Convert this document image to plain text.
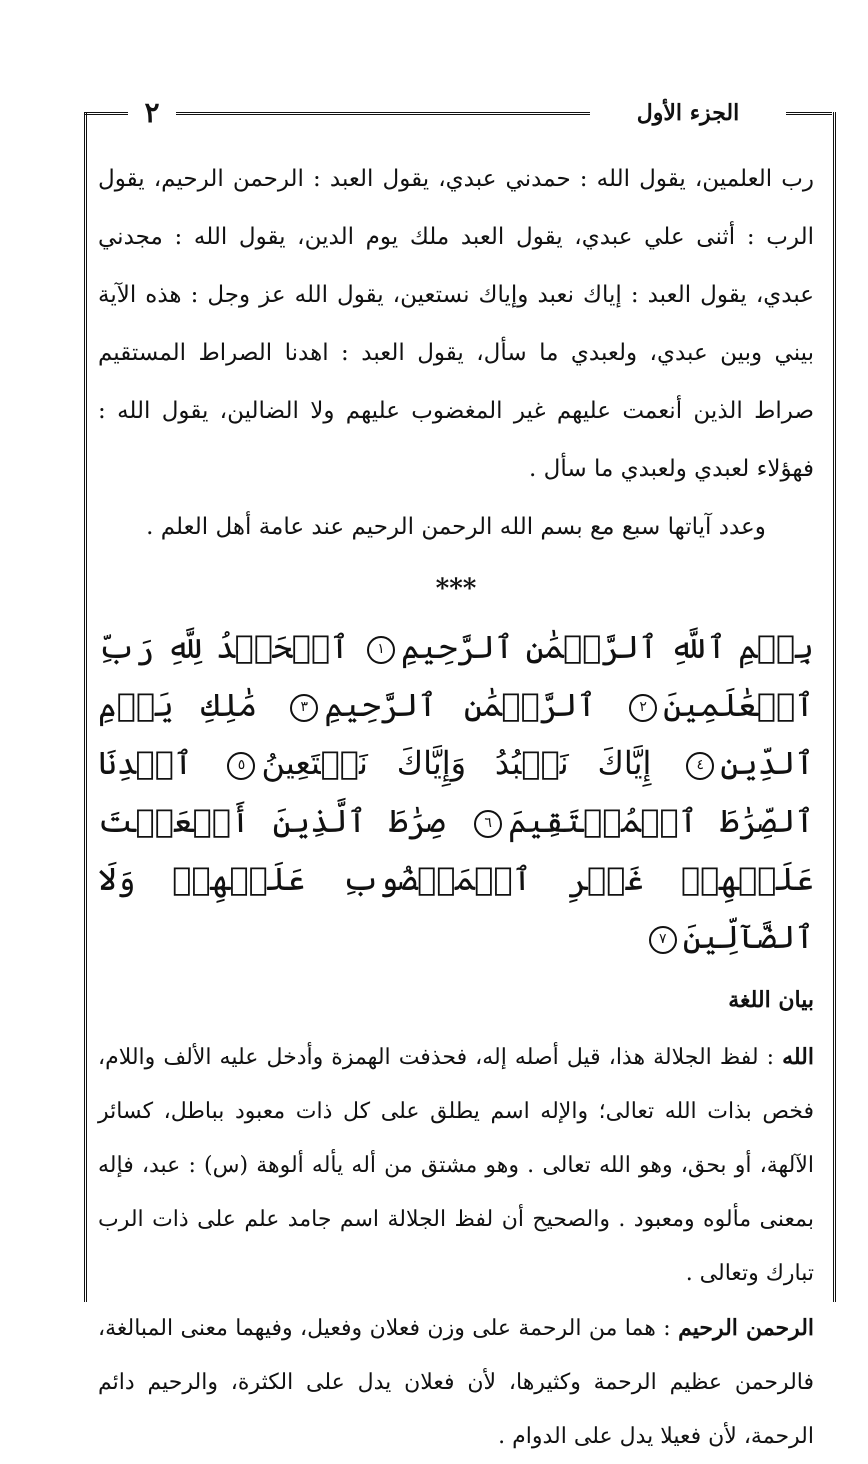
٢	الجزء الأول

رب العلمين، يقول الله : حمدني عبدي، يقول العبد : الرحمن الرحيم، يقول الرب : أثنى علي عبدي، يقول العبد ملك يوم الدين، يقول الله : مجدني عبدي، يقول العبد : إياك نعبد وإياك نستعين، يقول الله عز وجل : هذه الآية بيني وبين عبدي، ولعبدي ما سأل، يقول العبد : اهدنا الصراط المستقيم صراط الذين أنعمت عليهم غير المغضوب عليهم ولا الضالين، يقول الله : فهؤلاء لعبدي ولعبدي ما سأل .

وعدد آياتها سبع مع بسم الله الرحمن الرحيم عند عامة أهل العلم .

***

بِسۡمِ ٱللَّهِ ٱلرَّحۡمَٰنِ ٱلرَّحِيمِ١ ٱلۡحَمۡدُ لِلَّهِ رَبِّ ٱلۡعَٰلَمِينَ٢ ٱلرَّحۡمَٰنِ ٱلرَّحِيمِ٣ مَٰلِكِ يَوۡمِ ٱلدِّينِ٤ إِيَّاكَ نَعۡبُدُ وَإِيَّاكَ نَسۡتَعِينُ٥ ٱهۡدِنَا ٱلصِّرَٰطَ ٱلۡمُسۡتَقِيمَ٦ صِرَٰطَ ٱلَّذِينَ أَنۡعَمۡتَ عَلَيۡهِمۡ غَيۡرِ ٱلۡمَغۡضُوبِ عَلَيۡهِمۡ وَلَا ٱلضَّآلِّينَ٧

بيان اللغة

الله : لفظ الجلالة هذا، قيل أصله إله، فحذفت الهمزة وأدخل عليه الألف واللام، فخص بذات الله تعالى؛ والإله اسم يطلق على كل ذات معبود بباطل، كسائر الآلهة، أو بحق، وهو الله تعالى . وهو مشتق من أله يأله ألوهة (س) : عبد، فإله بمعنى مألوه ومعبود . والصحيح أن لفظ الجلالة اسم جامد علم على ذات الرب تبارك وتعالى .

الرحمن الرحيم : هما من الرحمة على وزن فعلان وفعيل، وفيهما معنى المبالغة، فالرحمن عظيم الرحمة وكثيرها، لأن فعلان يدل على الكثرة، والرحيم دائم الرحمة، لأن فعيلا يدل على الدوام .
